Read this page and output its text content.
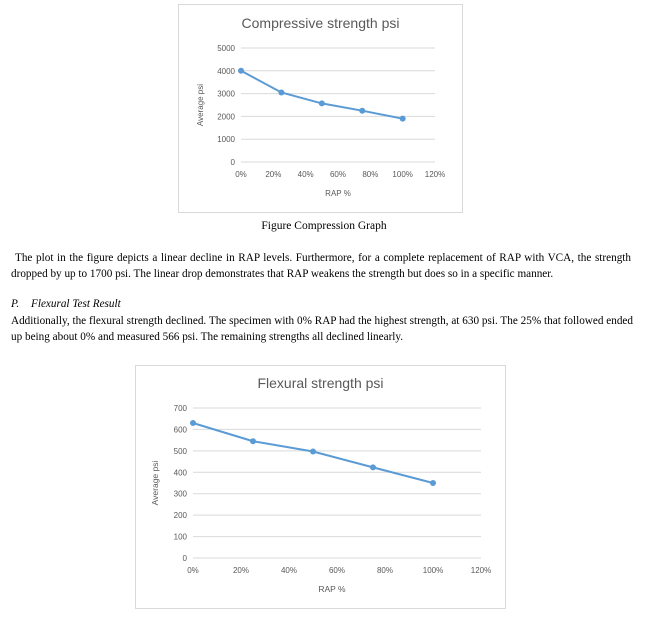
Compressive strength psi
0
1000
2000
3000
4000
5000
0% 20% 40% 60% 80% 100% 120%
RAP %
Average psi
Figure Compression Graph
The plot in the figure depicts a linear decline in RAP levels. Furthermore, for a complete replacement of RAP with VCA, the strength dropped by up to 1700 psi. The linear drop demonstrates that RAP weakens the strength but does so in a specific manner.
P. Flexural Test Result
Additionally, the flexural strength declined. The specimen with 0% RAP had the highest strength, at 630 psi. The 25% that followed ended up being about 0% and measured 566 psi. The remaining strengths all declined linearly.
Flexural strength psi
0
100
200
300
400
500
600
700
0%	20%	40%	60%	80%	100%	120%
RAP %
Average psi
